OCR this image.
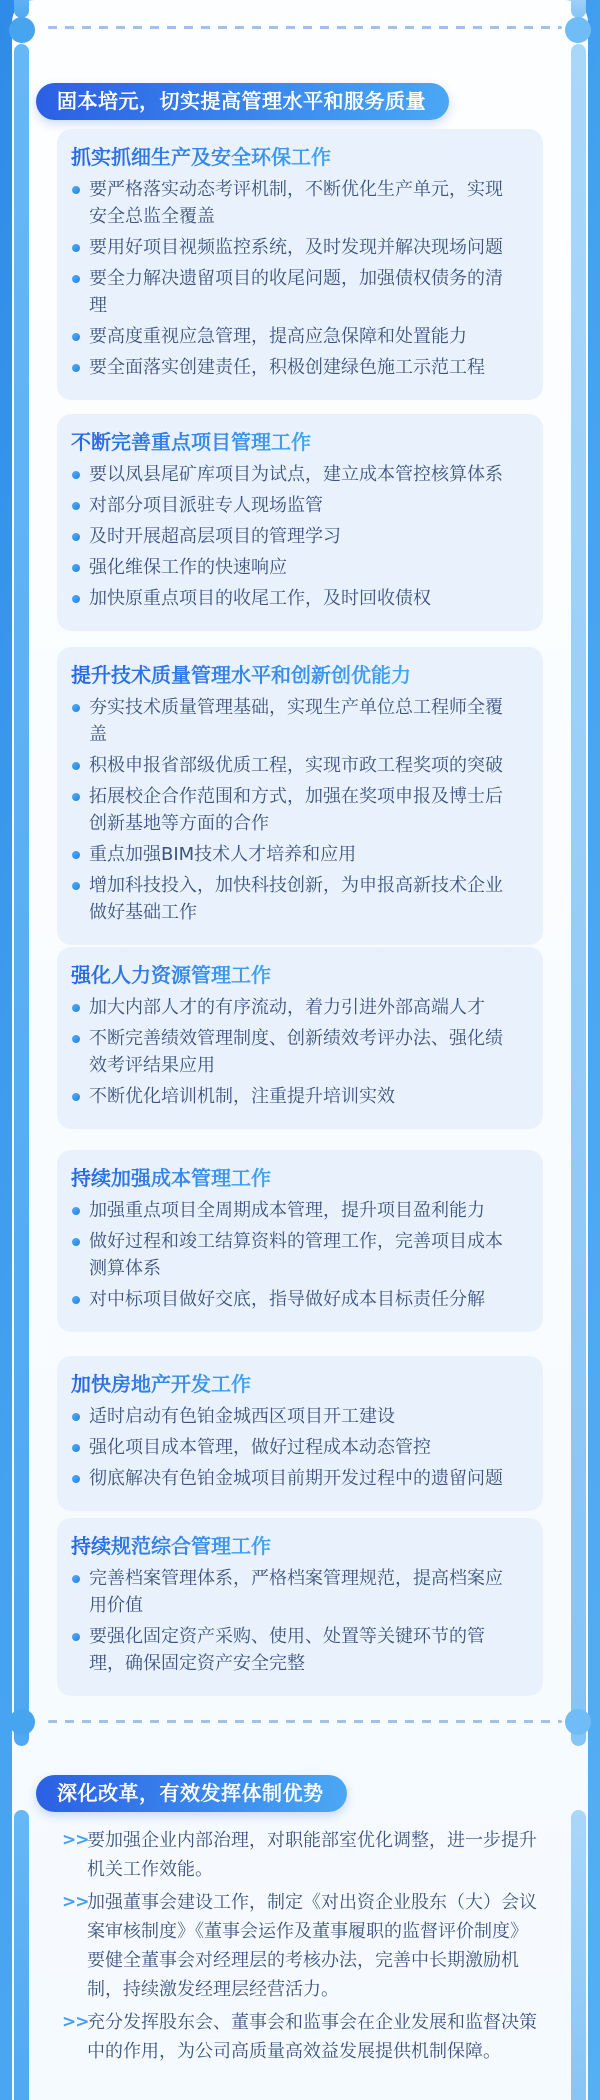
固本培元，切实提高管理水平和服务质量
抓实抓细生产及安全环保工作
要严格落实动态考评机制，不断优化生产单元，实现安全总监全覆盖
要用好项目视频监控系统，及时发现并解决现场问题
要全力解决遗留项目的收尾问题，加强债权债务的清理
要高度重视应急管理，提高应急保障和处置能力
要全面落实创建责任，积极创建绿色施工示范工程
不断完善重点项目管理工作
要以凤县尾矿库项目为试点，建立成本管控核算体系
对部分项目派驻专人现场监管
及时开展超高层项目的管理学习
强化维保工作的快速响应
加快原重点项目的收尾工作，及时回收债权
提升技术质量管理水平和创新创优能力
夯实技术质量管理基础，实现生产单位总工程师全覆盖
积极申报省部级优质工程，实现市政工程奖项的突破
拓展校企合作范围和方式，加强在奖项申报及博士后创新基地等方面的合作
重点加强BIM技术人才培养和应用
增加科技投入，加快科技创新，为申报高新技术企业做好基础工作
强化人力资源管理工作
加大内部人才的有序流动，着力引进外部高端人才
不断完善绩效管理制度、创新绩效考评办法、强化绩效考评结果应用
不断优化培训机制，注重提升培训实效
持续加强成本管理工作
加强重点项目全周期成本管理，提升项目盈利能力
做好过程和竣工结算资料的管理工作，完善项目成本测算体系
对中标项目做好交底，指导做好成本目标责任分解
加快房地产开发工作
适时启动有色铂金城西区项目开工建设
强化项目成本管理，做好过程成本动态管控
彻底解决有色铂金城项目前期开发过程中的遗留问题
持续规范综合管理工作
完善档案管理体系，严格档案管理规范，提高档案应用价值
要强化固定资产采购、使用、处置等关键环节的管理，确保固定资产安全完整
深化改革，有效发挥体制优势
>>
要加强企业内部治理，对职能部室优化调整，进一步提升机关工作效能。
>>
加强董事会建设工作，制定《对出资企业股东（大）会议案审核制度》《董事会运作及董事履职的监督评价制度》要健全董事会对经理层的考核办法，完善中长期激励机制，持续激发经理层经营活力。
>>
充分发挥股东会、董事会和监事会在企业发展和监督决策中的作用，为公司高质量高效益发展提供机制保障。
